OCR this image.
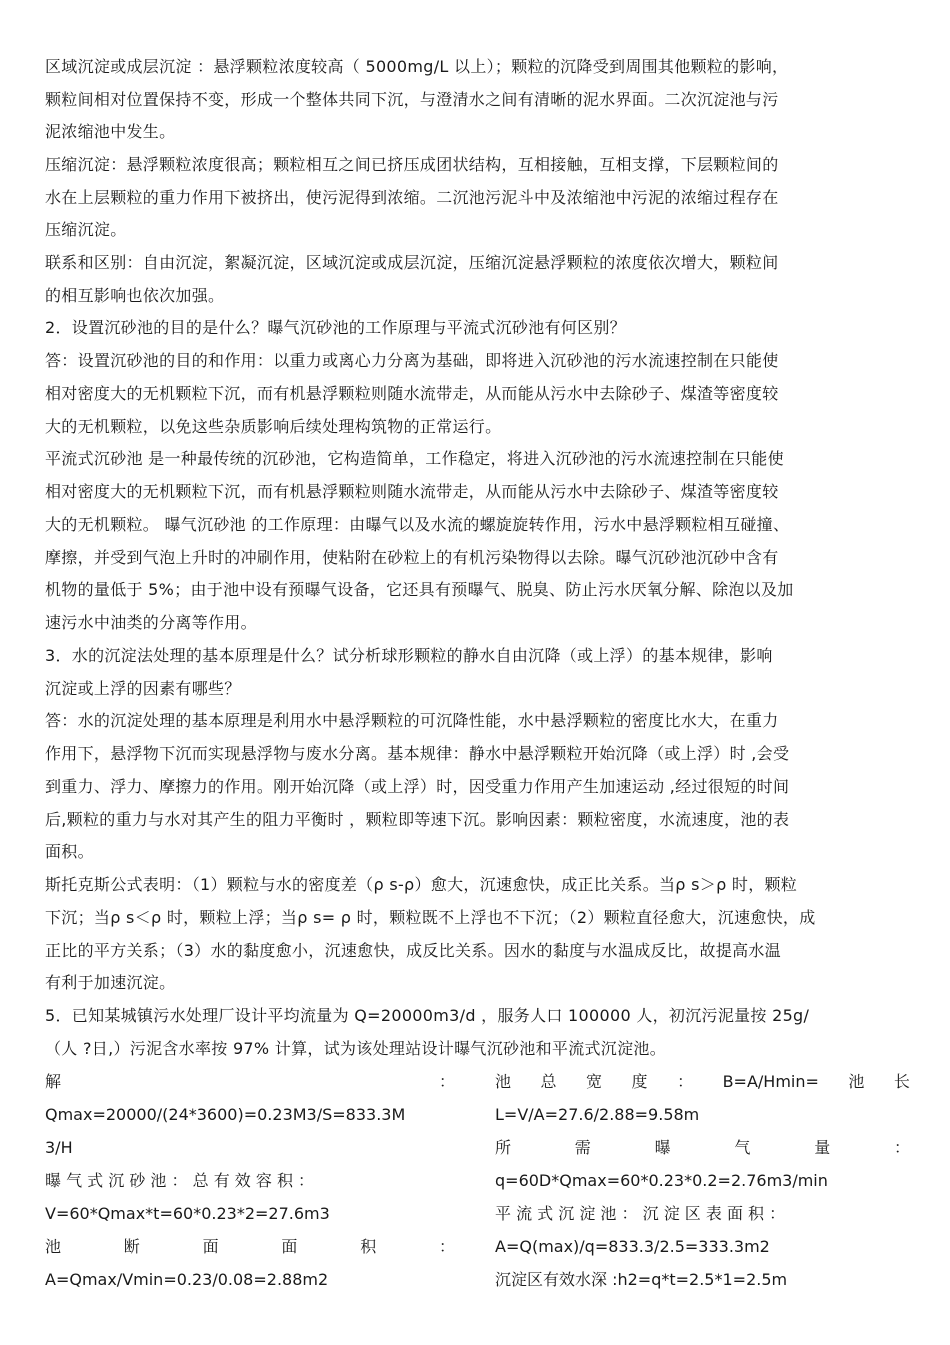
区域沉淀或成层沉淀 ：悬浮颗粒浓度较高（ 5000mg/L 以上）；颗粒的沉降受到周围其他颗粒的影响，
颗粒间相对位置保持不变，形成一个整体共同下沉，与澄清水之间有清晰的泥水界面。二次沉淀池与污
泥浓缩池中发生。
压缩沉淀：悬浮颗粒浓度很高；颗粒相互之间已挤压成团状结构，互相接触，互相支撑，下层颗粒间的
水在上层颗粒的重力作用下被挤出，使污泥得到浓缩。二沉池污泥斗中及浓缩池中污泥的浓缩过程存在
压缩沉淀。
联系和区别：自由沉淀，絮凝沉淀，区域沉淀或成层沉淀，压缩沉淀悬浮颗粒的浓度依次增大，颗粒间
的相互影响也依次加强。
2．设置沉砂池的目的是什么？曝气沉砂池的工作原理与平流式沉砂池有何区别？
答：设置沉砂池的目的和作用：以重力或离心力分离为基础，即将进入沉砂池的污水流速控制在只能使
相对密度大的无机颗粒下沉，而有机悬浮颗粒则随水流带走，从而能从污水中去除砂子、煤渣等密度较
大的无机颗粒，以免这些杂质影响后续处理构筑物的正常运行。
平流式沉砂池 是一种最传统的沉砂池，它构造简单，工作稳定，将进入沉砂池的污水流速控制在只能使
相对密度大的无机颗粒下沉，而有机悬浮颗粒则随水流带走，从而能从污水中去除砂子、煤渣等密度较
大的无机颗粒。 曝气沉砂池 的工作原理：由曝气以及水流的螺旋旋转作用，污水中悬浮颗粒相互碰撞、
摩擦，并受到气泡上升时的冲刷作用，使粘附在砂粒上的有机污染物得以去除。曝气沉砂池沉砂中含有
机物的量低于 5%；由于池中设有预曝气设备，它还具有预曝气、脱臭、防止污水厌氧分解、除泡以及加
速污水中油类的分离等作用。
3．水的沉淀法处理的基本原理是什么？试分析球形颗粒的静水自由沉降（或上浮）的基本规律，影响
沉淀或上浮的因素有哪些？
答：水的沉淀处理的基本原理是利用水中悬浮颗粒的可沉降性能，水中悬浮颗粒的密度比水大，在重力
作用下，悬浮物下沉而实现悬浮物与废水分离。基本规律：静水中悬浮颗粒开始沉降（或上浮）时 ,会受
到重力、浮力、摩擦力的作用。刚开始沉降（或上浮）时，因受重力作用产生加速运动 ,经过很短的时间
后,颗粒的重力与水对其产生的阻力平衡时 ，颗粒即等速下沉。影响因素：颗粒密度，水流速度，池的表
面积。
斯托克斯公式表明：（1）颗粒与水的密度差（ρ s-ρ）愈大，沉速愈快，成正比关系。当ρ s＞ρ 时，颗粒
下沉；当ρ s＜ρ 时，颗粒上浮；当ρ s= ρ 时，颗粒既不上浮也不下沉；（2）颗粒直径愈大，沉速愈快，成
正比的平方关系；（3）水的黏度愈小，沉速愈快，成反比关系。因水的黏度与水温成反比，故提高水温
有利于加速沉淀。
5．已知某城镇污水处理厂设计平均流量为 Q=20000m3/d ，服务人口 100000 人，初沉污泥量按 25g/
（人 ?日,）污泥含水率按 97% 计算，试为该处理站设计曝气沉砂池和平流式沉淀池。
解	：
Qmax=20000/(24*3600)=0.23M3/S=833.3M
3/H
曝 气 式 沉 砂 池 ： 总 有 效 容 积 ：
V=60*Qmax*t=60*0.23*2=27.6m3
池	断	面	面	积	：
A=Qmax/Vmin=0.23/0.08=2.88m2
池 总 宽 度 ： B=A/Hmin= 池 长
L=V/A=27.6/2.88=9.58m
所	需	曝	气	量	：
q=60D*Qmax=60*0.23*0.2=2.76m3/min
平 流 式 沉 淀 池 ： 沉 淀 区 表 面 积 ：
A=Q(max)/q=833.3/2.5=333.3m2
沉淀区有效水深 :h2=q*t=2.5*1=2.5m
